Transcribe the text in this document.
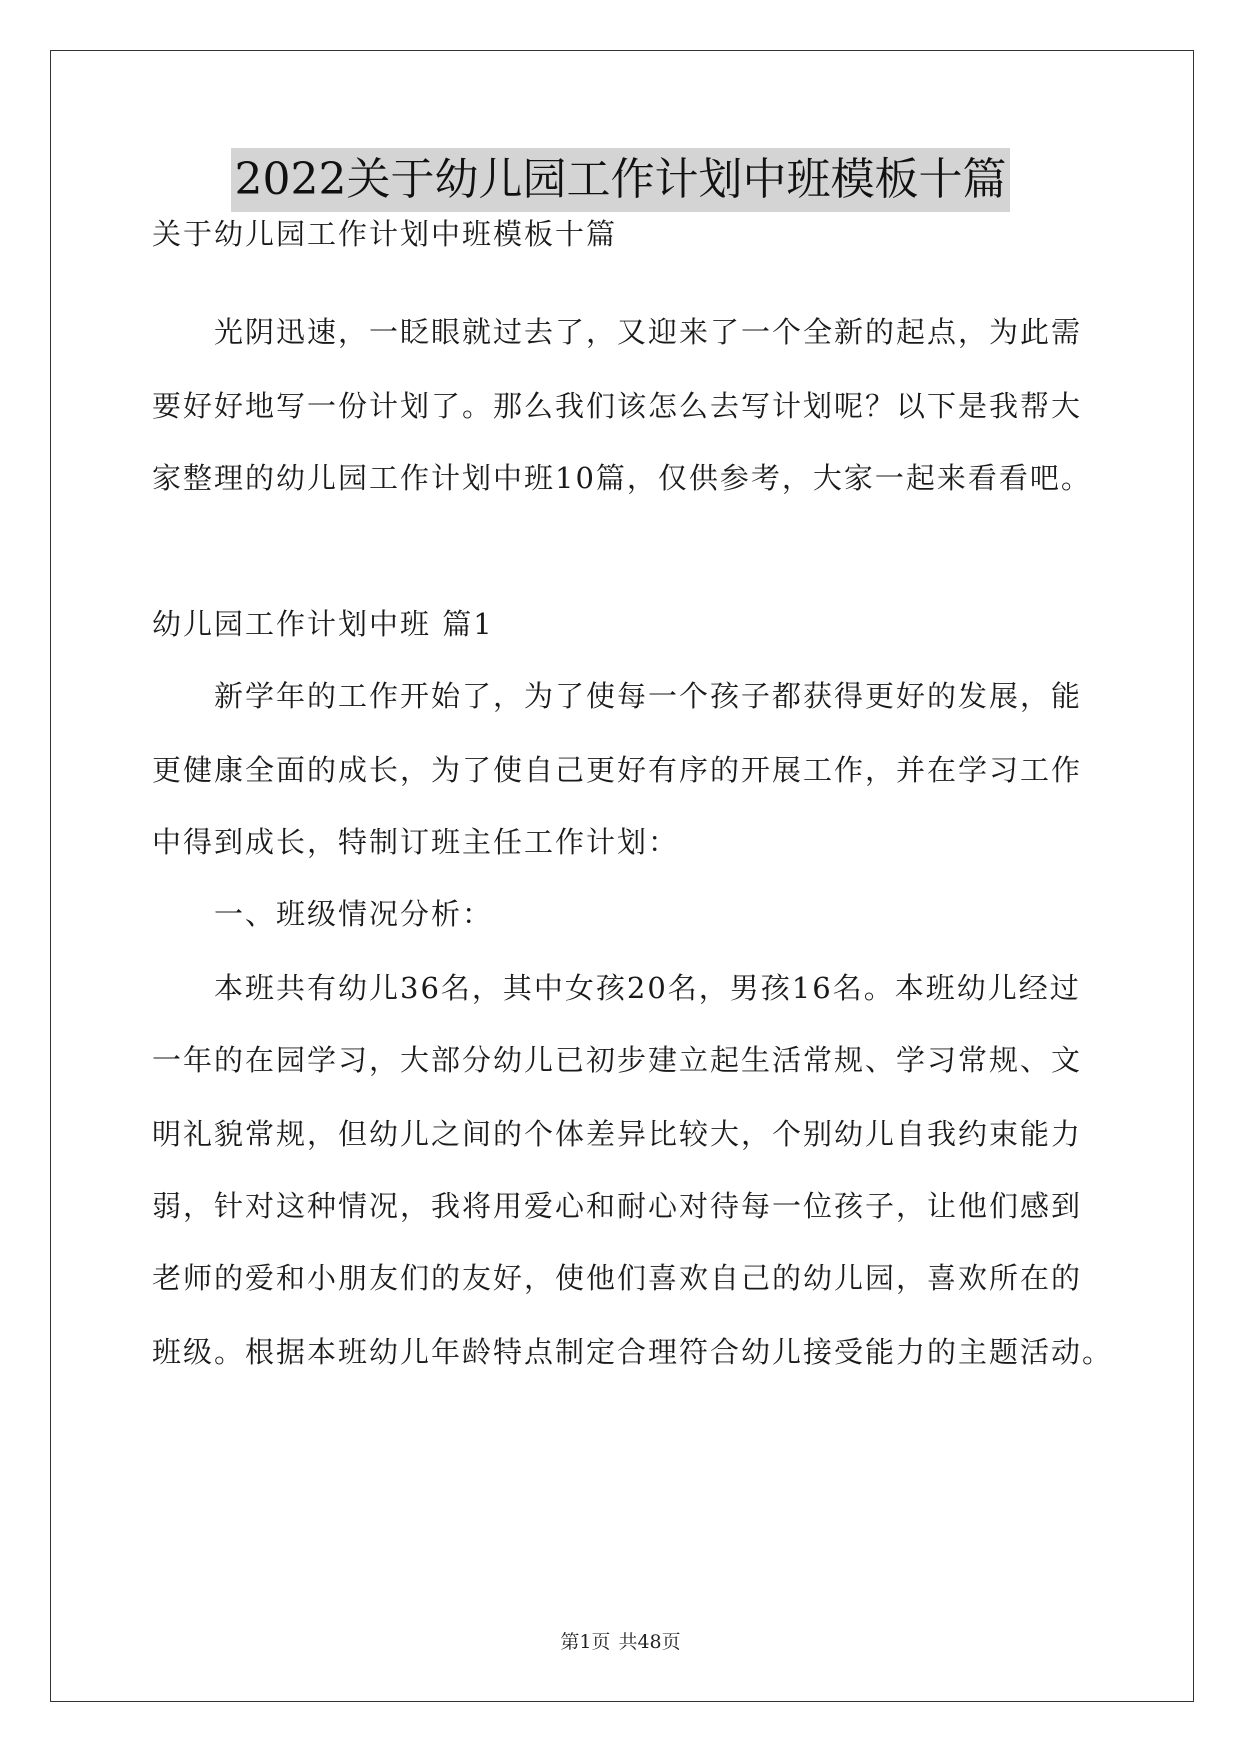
2022关于幼儿园工作计划中班模板十篇
关于幼儿园工作计划中班模板十篇
光阴迅速，一眨眼就过去了，又迎来了一个全新的起点，为此需
要好好地写一份计划了。那么我们该怎么去写计划呢？以下是我帮大
家整理的幼儿园工作计划中班10篇，仅供参考，大家一起来看看吧。
幼儿园工作计划中班 篇1
新学年的工作开始了，为了使每一个孩子都获得更好的发展，能
更健康全面的成长，为了使自己更好有序的开展工作，并在学习工作
中得到成长，特制订班主任工作计划：
一、班级情况分析：
本班共有幼儿36名，其中女孩20名，男孩16名。本班幼儿经过
一年的在园学习，大部分幼儿已初步建立起生活常规、学习常规、文
明礼貌常规，但幼儿之间的个体差异比较大，个别幼儿自我约束能力
弱，针对这种情况，我将用爱心和耐心对待每一位孩子，让他们感到
老师的爱和小朋友们的友好，使他们喜欢自己的幼儿园，喜欢所在的
班级。根据本班幼儿年龄特点制定合理符合幼儿接受能力的主题活动。
第1页 共48页
